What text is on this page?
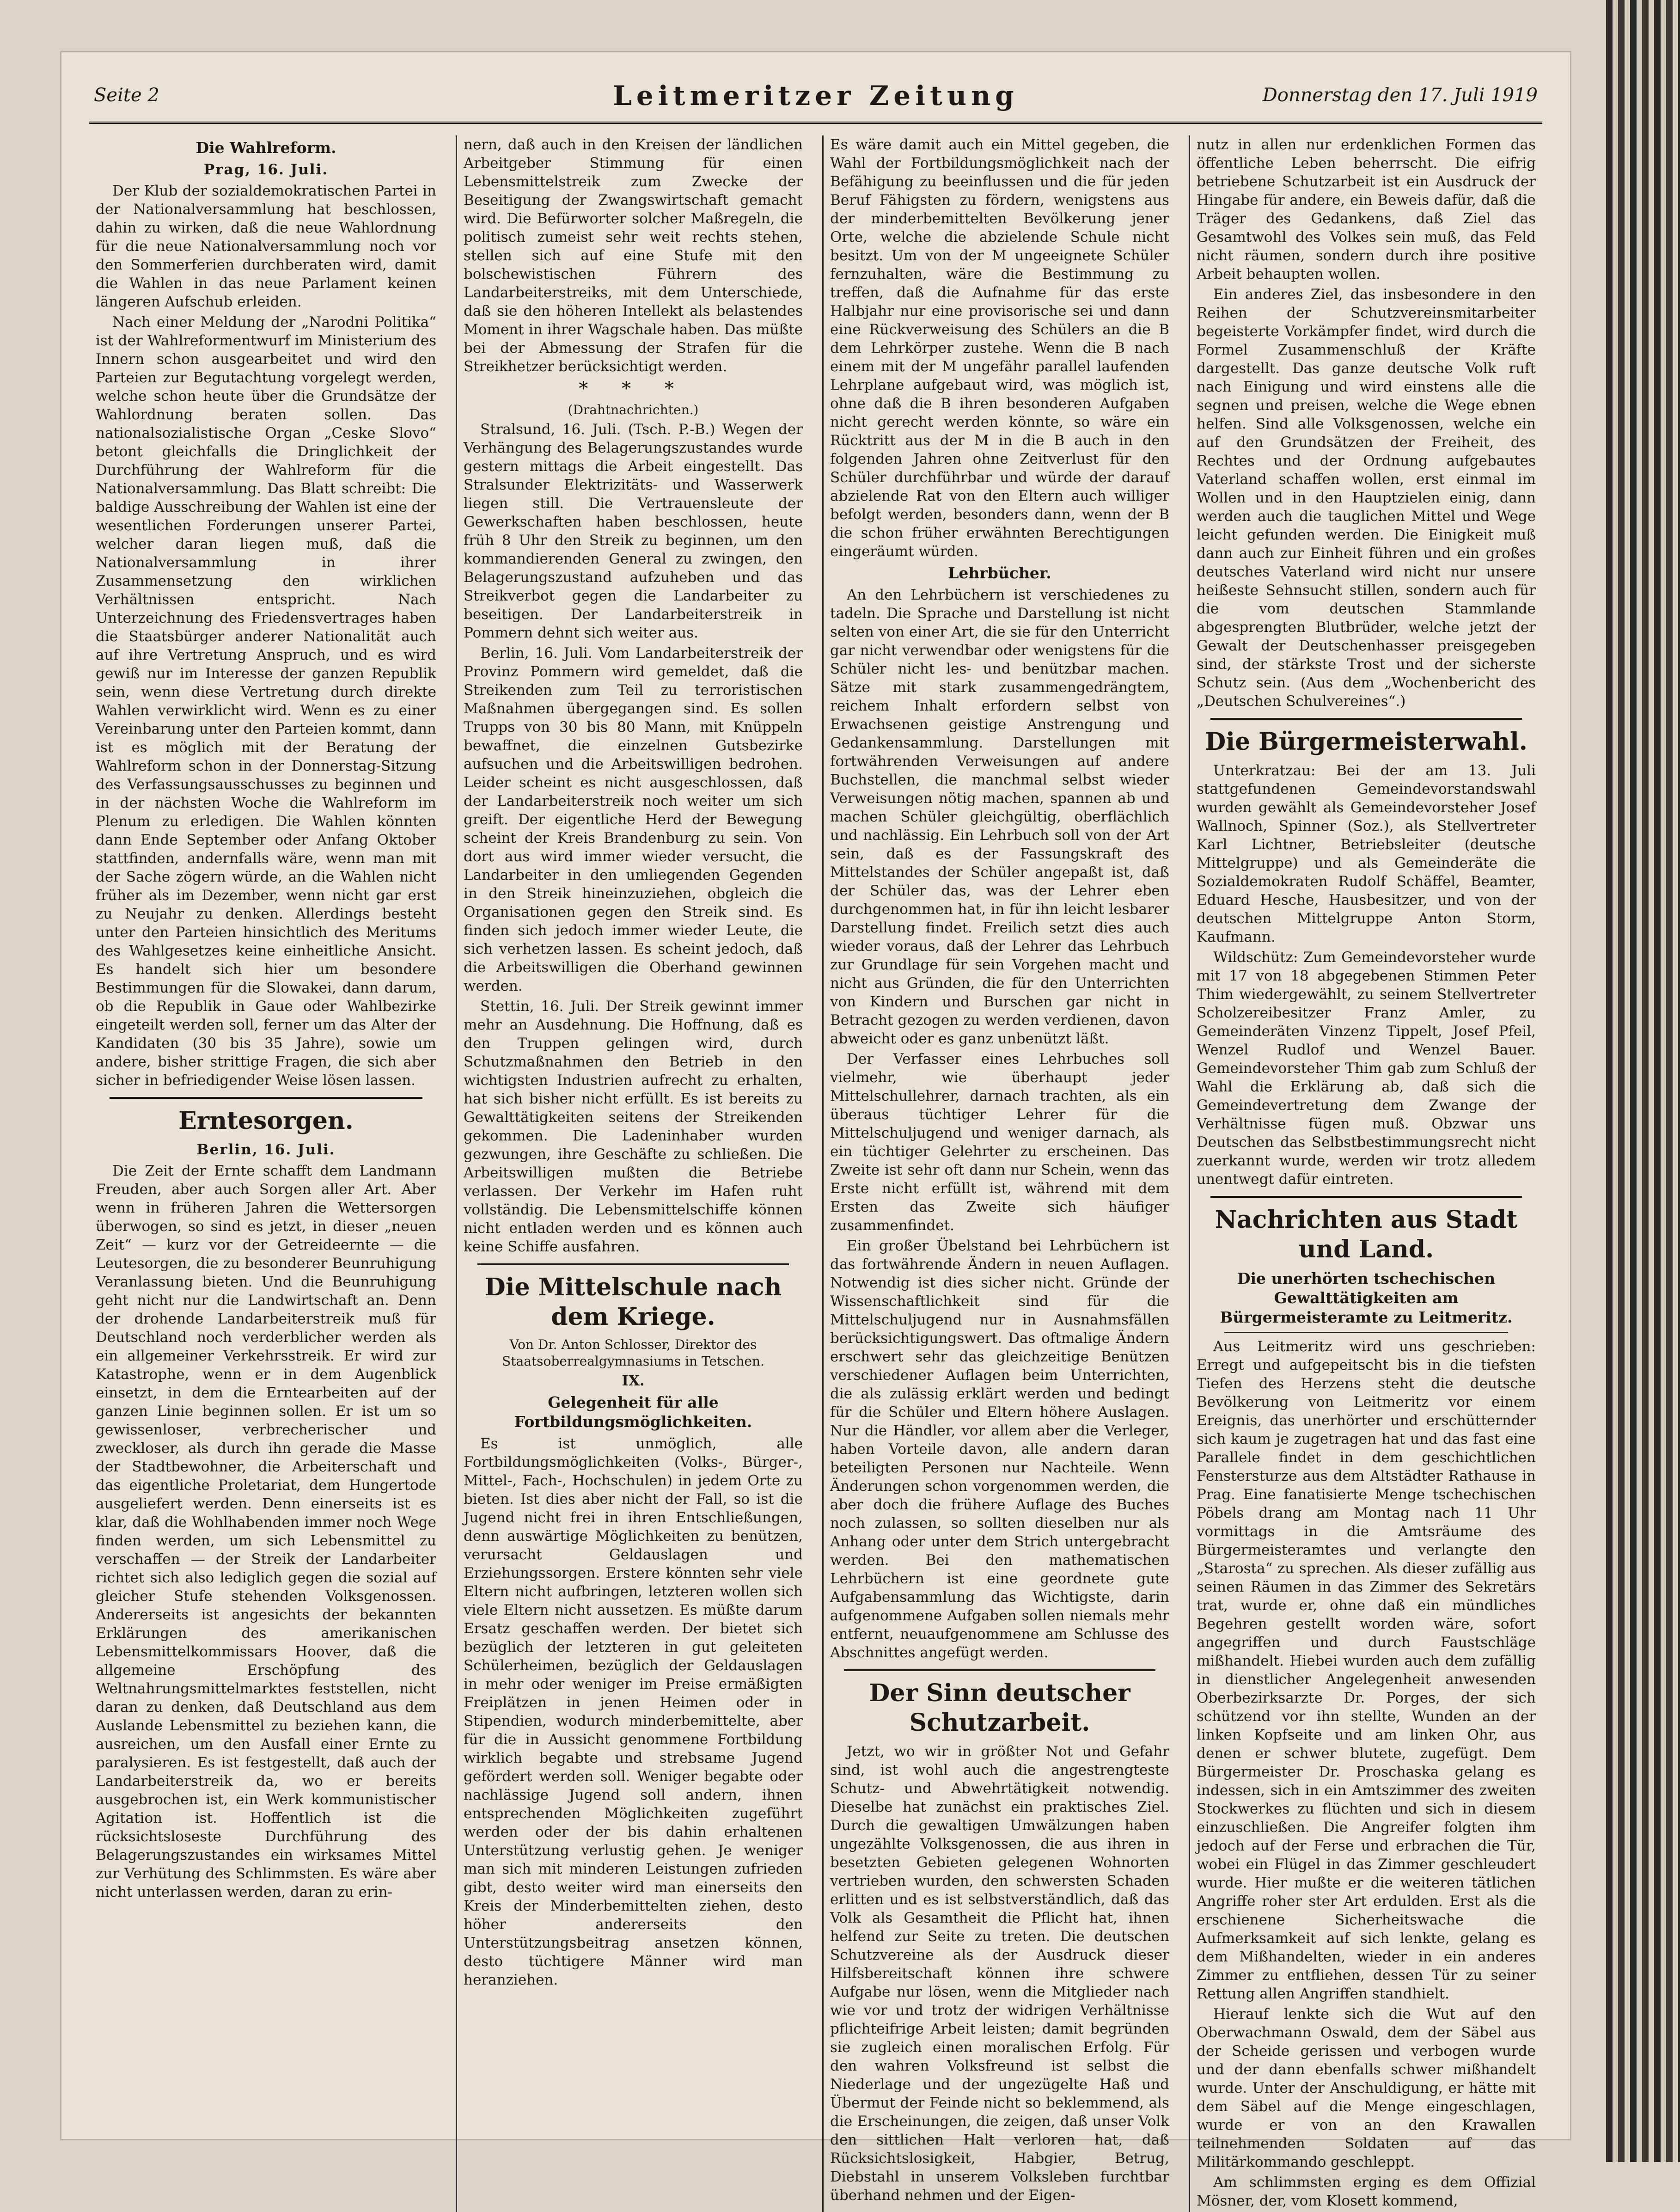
Seite 2	Leitmeritzer Zeitung	Donnerstag den 17. Juli 1919
Die Wahlreform.
Prag, 16. Juli.

Der Klub der sozialdemokratischen Partei in der Nationalversammlung hat beschlossen, dahin zu wirken, daß die neue Wahlordnung für die neue Nationalversammlung noch vor den Sommerferien durchberaten wird, damit die Wahlen in das neue Parlament keinen längeren Aufschub erleiden.

Nach einer Meldung der „Narodni Politika“ ist der Wahlreformentwurf im Ministerium des Innern schon ausgearbeitet und wird den Parteien zur Begutachtung vorgelegt werden, welche schon heute über die Grundsätze der Wahlordnung beraten sollen. Das nationalsozialistische Organ „Ceske Slovo“ betont gleichfalls die Dringlichkeit der Durchführung der Wahlreform für die Nationalversammlung. Das Blatt schreibt: Die baldige Ausschreibung der Wahlen ist eine der wesentlichen Forderungen unserer Partei, welcher daran liegen muß, daß die Nationalversammlung in ihrer Zusammensetzung den wirklichen Verhältnissen entspricht. Nach Unterzeichnung des Friedensvertrages haben die Staatsbürger anderer Nationalität auch auf ihre Vertretung Anspruch, und es wird gewiß nur im Interesse der ganzen Republik sein, wenn diese Vertretung durch direkte Wahlen verwirklicht wird. Wenn es zu einer Vereinbarung unter den Parteien kommt, dann ist es möglich mit der Beratung der Wahlreform schon in der Donnerstag-Sitzung des Verfassungsausschusses zu beginnen und in der nächsten Woche die Wahlreform im Plenum zu erledigen. Die Wahlen könnten dann Ende September oder Anfang Oktober stattfinden, andernfalls wäre, wenn man mit der Sache zögern würde, an die Wahlen nicht früher als im Dezember, wenn nicht gar erst zu Neujahr zu denken. Allerdings besteht unter den Parteien hinsichtlich des Meritums des Wahlgesetzes keine einheitliche Ansicht. Es handelt sich hier um besondere Bestimmungen für die Slowakei, dann darum, ob die Republik in Gaue oder Wahlbezirke eingeteilt werden soll, ferner um das Alter der Kandidaten (30 bis 35 Jahre), sowie um andere, bisher strittige Fragen, die sich aber sicher in befriedigender Weise lösen lassen.

Erntesorgen.
Berlin, 16. Juli.

Die Zeit der Ernte schafft dem Landmann Freuden, aber auch Sorgen aller Art. Aber wenn in früheren Jahren die Wettersorgen überwogen, so sind es jetzt, in dieser „neuen Zeit“ — kurz vor der Getreideernte — die Leutesorgen, die zu besonderer Beunruhigung Veranlassung bieten. Und die Beunruhigung geht nicht nur die Landwirtschaft an. Denn der drohende Landarbeiterstreik muß für Deutschland noch verderblicher werden als ein allgemeiner Verkehrsstreik. Er wird zur Katastrophe, wenn er in dem Augenblick einsetzt, in dem die Erntearbeiten auf der ganzen Linie beginnen sollen. Er ist um so gewissenloser, verbrecherischer und zweckloser, als durch ihn gerade die Masse der Stadtbewohner, die Arbeiterschaft und das eigentliche Proletariat, dem Hungertode ausgeliefert werden. Denn einerseits ist es klar, daß die Wohlhabenden immer noch Wege finden werden, um sich Lebensmittel zu verschaffen — der Streik der Landarbeiter richtet sich also lediglich gegen die sozial auf gleicher Stufe stehenden Volksgenossen. Andererseits ist angesichts der bekannten Erklärungen des amerikanischen Lebensmittelkommissars Hoover, daß die allgemeine Erschöpfung des Weltnahrungsmittelmarktes feststellen, nicht daran zu denken, daß Deutschland aus dem Auslande Lebensmittel zu beziehen kann, die ausreichen, um den Ausfall einer Ernte zu paralysieren. Es ist festgestellt, daß auch der Landarbeiterstreik da, wo er bereits ausgebrochen ist, ein Werk kommunistischer Agitation ist. Hoffentlich ist die rücksichtsloseste Durchführung des Belagerungszustandes ein wirksames Mittel zur Verhütung des Schlimmsten. Es wäre aber nicht unterlassen werden, daran zu erin-

nern, daß auch in den Kreisen der ländlichen Arbeitgeber Stimmung für einen Lebensmittelstreik zum Zwecke der Beseitigung der Zwangswirtschaft gemacht wird. Die Befürworter solcher Maßregeln, die politisch zumeist sehr weit rechts stehen, stellen sich auf eine Stufe mit den bolschewistischen Führern des Landarbeiterstreiks, mit dem Unterschiede, daß sie den höheren Intellekt als belastendes Moment in ihrer Wagschale haben. Das müßte bei der Abmessung der Strafen für die Streikhetzer berücksichtigt werden.

* * *
(Drahtnachrichten.)

Stralsund, 16. Juli. (Tsch. P.-B.) Wegen der Verhängung des Belagerungszustandes wurde gestern mittags die Arbeit eingestellt. Das Stralsunder Elektrizitäts- und Wasserwerk liegen still. Die Vertrauensleute der Gewerkschaften haben beschlossen, heute früh 8 Uhr den Streik zu beginnen, um den kommandierenden General zu zwingen, den Belagerungszustand aufzuheben und das Streikverbot gegen die Landarbeiter zu beseitigen. Der Landarbeiterstreik in Pommern dehnt sich weiter aus.

Berlin, 16. Juli. Vom Landarbeiterstreik der Provinz Pommern wird gemeldet, daß die Streikenden zum Teil zu terroristischen Maßnahmen übergegangen sind. Es sollen Trupps von 30 bis 80 Mann, mit Knüppeln bewaffnet, die einzelnen Gutsbezirke aufsuchen und die Arbeitswilligen bedrohen. Leider scheint es nicht ausgeschlossen, daß der Landarbeiterstreik noch weiter um sich greift. Der eigentliche Herd der Bewegung scheint der Kreis Brandenburg zu sein. Von dort aus wird immer wieder versucht, die Landarbeiter in den umliegenden Gegenden in den Streik hineinzuziehen, obgleich die Organisationen gegen den Streik sind. Es finden sich jedoch immer wieder Leute, die sich verhetzen lassen. Es scheint jedoch, daß die Arbeitswilligen die Oberhand gewinnen werden.

Stettin, 16. Juli. Der Streik gewinnt immer mehr an Ausdehnung. Die Hoffnung, daß es den Truppen gelingen wird, durch Schutzmaßnahmen den Betrieb in den wichtigsten Industrien aufrecht zu erhalten, hat sich bisher nicht erfüllt. Es ist bereits zu Gewalttätigkeiten seitens der Streikenden gekommen. Die Ladeninhaber wurden gezwungen, ihre Geschäfte zu schließen. Die Arbeitswilligen mußten die Betriebe verlassen. Der Verkehr im Hafen ruht vollständig. Die Lebensmittelschiffe können nicht entladen werden und es können auch keine Schiffe ausfahren.

Die Mittelschule nach dem Kriege.
Von Dr. Anton Schlosser, Direktor des Staatsoberrealgymnasiums in Tetschen.
IX.
Gelegenheit für alle Fortbildungsmöglichkeiten.

Es ist unmöglich, alle Fortbildungsmöglichkeiten (Volks-, Bürger-, Mittel-, Fach-, Hochschulen) in jedem Orte zu bieten. Ist dies aber nicht der Fall, so ist die Jugend nicht frei in ihren Entschließungen, denn auswärtige Möglichkeiten zu benützen, verursacht Geldauslagen und Erziehungssorgen. Erstere könnten sehr viele Eltern nicht aufbringen, letzteren wollen sich viele Eltern nicht aussetzen. Es müßte darum Ersatz geschaffen werden. Der bietet sich bezüglich der letzteren in gut geleiteten Schülerheimen, bezüglich der Geldauslagen in mehr oder weniger im Preise ermäßigten Freiplätzen in jenen Heimen oder in Stipendien, wodurch minderbemittelte, aber für die in Aussicht genommene Fortbildung wirklich begabte und strebsame Jugend gefördert werden soll. Weniger begabte oder nachlässige Jugend soll andern, ihnen entsprechenden Möglichkeiten zugeführt werden oder der bis dahin erhaltenen Unterstützung verlustig gehen. Je weniger man sich mit minderen Leistungen zufrieden gibt, desto weiter wird man einerseits den Kreis der Minderbemittelten ziehen, desto höher andererseits den Unterstützungsbeitrag ansetzen können, desto tüchtigere Männer wird man heranziehen.

Es wäre damit auch ein Mittel gegeben, die Wahl der Fortbildungsmöglichkeit nach der Befähigung zu beeinflussen und die für jeden Beruf Fähigsten zu fördern, wenigstens aus der minderbemittelten Bevölkerung jener Orte, welche die abzielende Schule nicht besitzt. Um von der M ungeeignete Schüler fernzuhalten, wäre die Bestimmung zu treffen, daß die Aufnahme für das erste Halbjahr nur eine provisorische sei und dann eine Rückverweisung des Schülers an die B dem Lehrkörper zustehe. Wenn die B nach einem mit der M ungefähr parallel laufenden Lehrplane aufgebaut wird, was möglich ist, ohne daß die B ihren besonderen Aufgaben nicht gerecht werden könnte, so wäre ein Rücktritt aus der M in die B auch in den folgenden Jahren ohne Zeitverlust für den Schüler durchführbar und würde der darauf abzielende Rat von den Eltern auch williger befolgt werden, besonders dann, wenn der B die schon früher erwähnten Berechtigungen eingeräumt würden.

Lehrbücher.

An den Lehrbüchern ist verschiedenes zu tadeln. Die Sprache und Darstellung ist nicht selten von einer Art, die sie für den Unterricht gar nicht verwendbar oder wenigstens für die Schüler nicht les- und benützbar machen. Sätze mit stark zusammengedrängtem, reichem Inhalt erfordern selbst von Erwachsenen geistige Anstrengung und Gedankensammlung. Darstellungen mit fortwährenden Verweisungen auf andere Buchstellen, die manchmal selbst wieder Verweisungen nötig machen, spannen ab und machen Schüler gleichgültig, oberflächlich und nachlässig. Ein Lehrbuch soll von der Art sein, daß es der Fassungskraft des Mittelstandes der Schüler angepaßt ist, daß der Schüler das, was der Lehrer eben durchgenommen hat, in für ihn leicht lesbarer Darstellung findet. Freilich setzt dies auch wieder voraus, daß der Lehrer das Lehrbuch zur Grundlage für sein Vorgehen macht und nicht aus Gründen, die für den Unterrichten von Kindern und Burschen gar nicht in Betracht gezogen zu werden verdienen, davon abweicht oder es ganz unbenützt läßt.

Der Verfasser eines Lehrbuches soll vielmehr, wie überhaupt jeder Mittelschullehrer, darnach trachten, als ein überaus tüchtiger Lehrer für die Mittelschuljugend und weniger darnach, als ein tüchtiger Gelehrter zu erscheinen. Das Zweite ist sehr oft dann nur Schein, wenn das Erste nicht erfüllt ist, während mit dem Ersten das Zweite sich häufiger zusammenfindet.

Ein großer Übelstand bei Lehrbüchern ist das fortwährende Ändern in neuen Auflagen. Notwendig ist dies sicher nicht. Gründe der Wissenschaftlichkeit sind für die Mittelschuljugend nur in Ausnahmsfällen berücksichtigungswert. Das oftmalige Ändern erschwert sehr das gleichzeitige Benützen verschiedener Auflagen beim Unterrichten, die als zulässig erklärt werden und bedingt für die Schüler und Eltern höhere Auslagen. Nur die Händler, vor allem aber die Verleger, haben Vorteile davon, alle andern daran beteiligten Personen nur Nachteile. Wenn Änderungen schon vorgenommen werden, die aber doch die frühere Auflage des Buches noch zulassen, so sollten dieselben nur als Anhang oder unter dem Strich untergebracht werden. Bei den mathematischen Lehrbüchern ist eine geordnete gute Aufgabensammlung das Wichtigste, darin aufgenommene Aufgaben sollen niemals mehr entfernt, neuaufgenommene am Schlusse des Abschnittes angefügt werden.

Der Sinn deutscher Schutzarbeit.

Jetzt, wo wir in größter Not und Gefahr sind, ist wohl auch die angestrengteste Schutz- und Abwehrtätigkeit notwendig. Dieselbe hat zunächst ein praktisches Ziel. Durch die gewaltigen Umwälzungen haben ungezählte Volksgenossen, die aus ihren in besetzten Gebieten gelegenen Wohnorten vertrieben wurden, den schwersten Schaden erlitten und es ist selbstverständlich, daß das Volk als Gesamtheit die Pflicht hat, ihnen helfend zur Seite zu treten. Die deutschen Schutzvereine als der Ausdruck dieser Hilfsbereitschaft können ihre schwere Aufgabe nur lösen, wenn die Mitglieder nach wie vor und trotz der widrigen Verhältnisse pflichteifrige Arbeit leisten; damit begründen sie zugleich einen moralischen Erfolg. Für den wahren Volksfreund ist selbst die Niederlage und der ungezügelte Haß und Übermut der Feinde nicht so beklemmend, als die Erscheinungen, die zeigen, daß unser Volk den sittlichen Halt verloren hat, daß Rücksichtslosigkeit, Habgier, Betrug, Diebstahl in unserem Volksleben furchtbar überhand nehmen und der Eigen-

nutz in allen nur erdenklichen Formen das öffentliche Leben beherrscht. Die eifrig betriebene Schutzarbeit ist ein Ausdruck der Hingabe für andere, ein Beweis dafür, daß die Träger des Gedankens, daß Ziel das Gesamtwohl des Volkes sein muß, das Feld nicht räumen, sondern durch ihre positive Arbeit behaupten wollen.

Ein anderes Ziel, das insbesondere in den Reihen der Schutzvereinsmitarbeiter begeisterte Vorkämpfer findet, wird durch die Formel Zusammenschluß der Kräfte dargestellt. Das ganze deutsche Volk ruft nach Einigung und wird einstens alle die segnen und preisen, welche die Wege ebnen helfen. Sind alle Volksgenossen, welche ein auf den Grundsätzen der Freiheit, des Rechtes und der Ordnung aufgebautes Vaterland schaffen wollen, erst einmal im Wollen und in den Hauptzielen einig, dann werden auch die tauglichen Mittel und Wege leicht gefunden werden. Die Einigkeit muß dann auch zur Einheit führen und ein großes deutsches Vaterland wird nicht nur unsere heißeste Sehnsucht stillen, sondern auch für die vom deutschen Stammlande abgesprengten Blutbrüder, welche jetzt der Gewalt der Deutschenhasser preisgegeben sind, der stärkste Trost und der sicherste Schutz sein. (Aus dem „Wochenbericht des „Deutschen Schulvereines“.)

Die Bürgermeisterwahl.

Unterkratzau: Bei der am 13. Juli stattgefundenen Gemeindevorstandswahl wurden gewählt als Gemeindevorsteher Josef Wallnoch, Spinner (Soz.), als Stellvertreter Karl Lichtner, Betriebsleiter (deutsche Mittelgruppe) und als Gemeinderäte die Sozialdemokraten Rudolf Schäffel, Beamter, Eduard Hesche, Hausbesitzer, und von der deutschen Mittelgruppe Anton Storm, Kaufmann.

Wildschütz: Zum Gemeindevorsteher wurde mit 17 von 18 abgegebenen Stimmen Peter Thim wiedergewählt, zu seinem Stellvertreter Scholzereibesitzer Franz Amler, zu Gemeinderäten Vinzenz Tippelt, Josef Pfeil, Wenzel Rudlof und Wenzel Bauer. Gemeindevorsteher Thim gab zum Schluß der Wahl die Erklärung ab, daß sich die Gemeindevertretung dem Zwange der Verhältnisse fügen muß. Obzwar uns Deutschen das Selbstbestimmungsrecht nicht zuerkannt wurde, werden wir trotz alledem unentwegt dafür eintreten.

Nachrichten aus Stadt und Land.
Die unerhörten tschechischen Gewalttätigkeiten am Bürgermeisteramte zu Leitmeritz.

Aus Leitmeritz wird uns geschrieben: Erregt und aufgepeitscht bis in die tiefsten Tiefen des Herzens steht die deutsche Bevölkerung von Leitmeritz vor einem Ereignis, das unerhörter und erschütternder sich kaum je zugetragen hat und das fast eine Parallele findet in dem geschichtlichen Fenstersturze aus dem Altstädter Rathause in Prag. Eine fanatisierte Menge tschechischen Pöbels drang am Montag nach 11 Uhr vormittags in die Amtsräume des Bürgermeisteramtes und verlangte den „Starosta“ zu sprechen. Als dieser zufällig aus seinen Räumen in das Zimmer des Sekretärs trat, wurde er, ohne daß ein mündliches Begehren gestellt worden wäre, sofort angegriffen und durch Faustschläge mißhandelt. Hiebei wurden auch dem zufällig in dienstlicher Angelegenheit anwesenden Oberbezirksarzte Dr. Porges, der sich schützend vor ihn stellte, Wunden an der linken Kopfseite und am linken Ohr, aus denen er schwer blutete, zugefügt. Dem Bürgermeister Dr. Proschaska gelang es indessen, sich in ein Amtszimmer des zweiten Stockwerkes zu flüchten und sich in diesem einzuschließen. Die Angreifer folgten ihm jedoch auf der Ferse und erbrachen die Tür, wobei ein Flügel in das Zimmer geschleudert wurde. Hier mußte er die weiteren tätlichen Angriffe roher ster Art erdulden. Erst als die erschienene Sicherheitswache die Aufmerksamkeit auf sich lenkte, gelang es dem Mißhandelten, wieder in ein anderes Zimmer zu entfliehen, dessen Tür zu seiner Rettung allen Angriffen standhielt.

Hierauf lenkte sich die Wut auf den Oberwachmann Oswald, dem der Säbel aus der Scheide gerissen und verbogen wurde und der dann ebenfalls schwer mißhandelt wurde. Unter der Anschuldigung, er hätte mit dem Säbel auf die Menge eingeschlagen, wurde er von an den Krawallen teilnehmenden Soldaten auf das Militärkommando geschleppt.

Am schlimmsten erging es dem Offizial Mösner, der, vom Klosett kommend,
